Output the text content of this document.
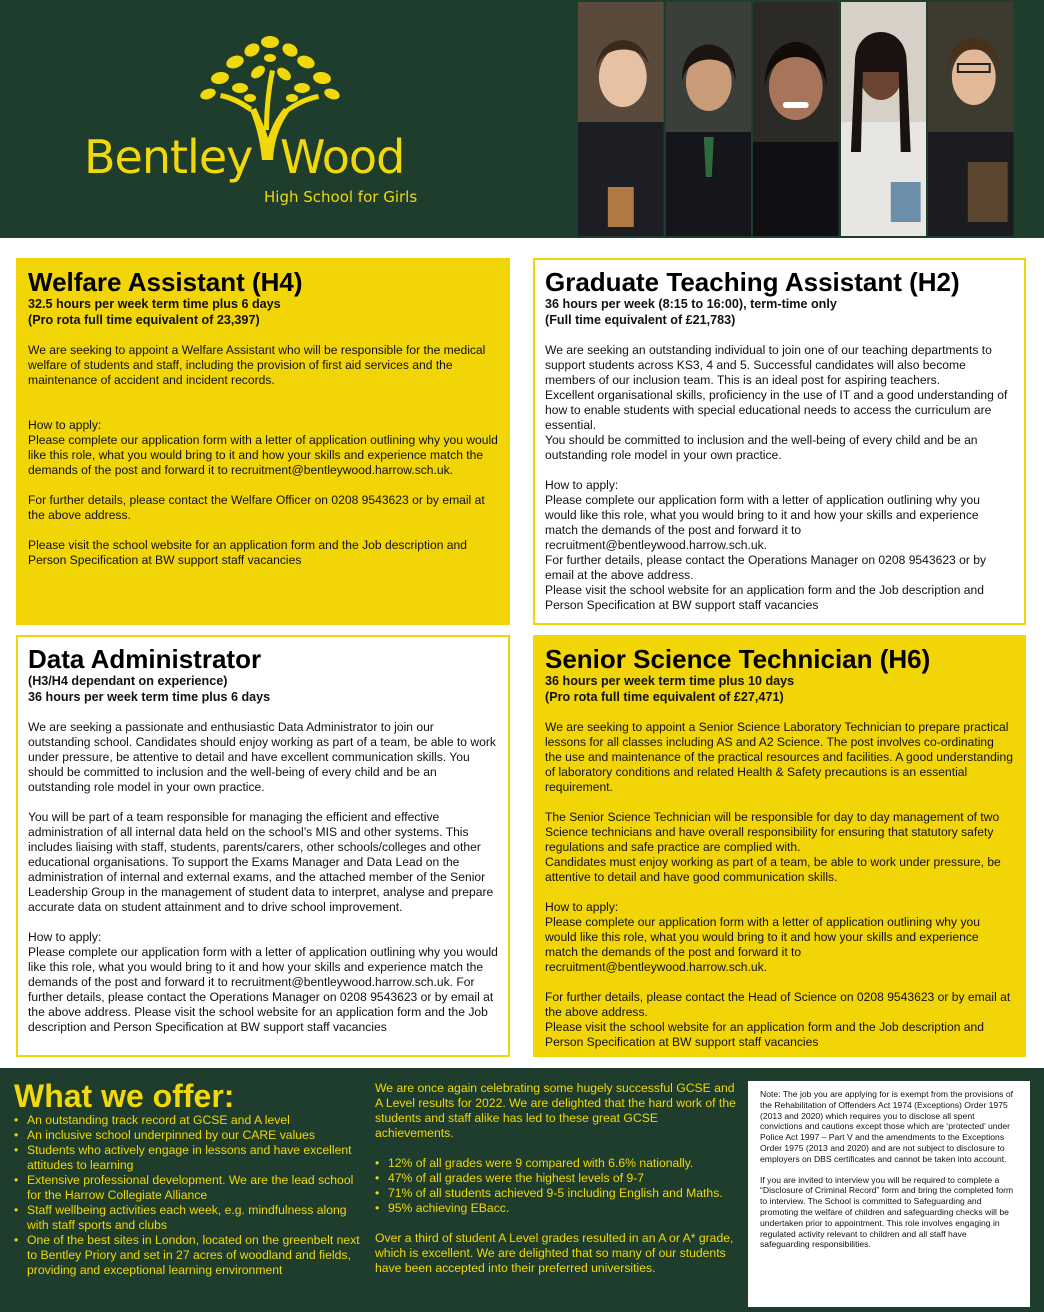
Bentley Wood
High School for Girls
Welfare Assistant (H4)
32.5 hours per week term time plus 6 days
(Pro rota full time equivalent of 23,397)

We are seeking to appoint a Welfare Assistant who will be responsible for the medical welfare of students and staff, including the provision of first aid services and the maintenance of accident and incident records.

How to apply:

Please complete our application form with a letter of application outlining why you would like this role, what you would bring to it and how your skills and experience match the demands of the post and forward it to recruitment@bentleywood.harrow.sch.uk.

For further details, please contact the Welfare Officer on 0208 9543623 or by email at the above address.

Please visit the school website for an application form and the Job description and Person Specification at BW support staff vacancies

Graduate Teaching Assistant (H2)
36 hours per week (8:15 to 16:00), term-time only
(Full time equivalent of £21,783)

We are seeking an outstanding individual to join one of our teaching departments to support students across KS3, 4 and 5. Successful candidates will also become members of our inclusion team. This is an ideal post for aspiring teachers.

Excellent organisational skills, proficiency in the use of IT and a good understanding of how to enable students with special educational needs to access the curriculum are essential.

You should be committed to inclusion and the well-being of every child and be an outstanding role model in your own practice.

How to apply:

Please complete our application form with a letter of application outlining why you would like this role, what you would bring to it and how your skills and experience match the demands of the post and forward it to recruitment@bentleywood.harrow.sch.uk.

For further details, please contact the Operations Manager on 0208 9543623 or by email at the above address.

Please visit the school website for an application form and the Job description and Person Specification at BW support staff vacancies

Data Administrator
(H3/H4 dependant on experience)
36 hours per week term time plus 6 days

We are seeking a passionate and enthusiastic Data Administrator to join our outstanding school. Candidates should enjoy working as part of a team, be able to work under pressure, be attentive to detail and have excellent communication skills. You should be committed to inclusion and the well-being of every child and be an outstanding role model in your own practice.

You will be part of a team responsible for managing the efficient and effective administration of all internal data held on the school’s MIS and other systems. This includes liaising with staff, students, parents/carers, other schools/colleges and other educational organisations. To support the Exams Manager and Data Lead on the administration of internal and external exams, and the attached member of the Senior Leadership Group in the management of student data to interpret, analyse and prepare accurate data on student attainment and to drive school improvement.

How to apply:

Please complete our application form with a letter of application outlining why you would like this role, what you would bring to it and how your skills and experience match the demands of the post and forward it to recruitment@bentleywood.harrow.sch.uk. For further details, please contact the Operations Manager on 0208 9543623 or by email at the above address. Please visit the school website for an application form and the Job description and Person Specification at BW support staff vacancies

Senior Science Technician (H6)
36 hours per week term time plus 10 days
(Pro rota full time equivalent of £27,471)

We are seeking to appoint a Senior Science Laboratory Technician to prepare practical lessons for all classes including AS and A2 Science. The post involves co-ordinating the use and maintenance of the practical resources and facilities. A good understanding of laboratory conditions and related Health & Safety precautions is an essential requirement.

The Senior Science Technician will be responsible for day to day management of two Science technicians and have overall responsibility for ensuring that statutory safety regulations and safe practice are complied with.

Candidates must enjoy working as part of a team, be able to work under pressure, be attentive to detail and have good communication skills.

How to apply:

Please complete our application form with a letter of application outlining why you would like this role, what you would bring to it and how your skills and experience match the demands of the post and forward it to recruitment@bentleywood.harrow.sch.uk.

For further details, please contact the Head of Science on 0208 9543623 or by email at the above address.

Please visit the school website for an application form and the Job description and Person Specification at BW support staff vacancies

What we offer:
• An outstanding track record at GCSE and A level
• An inclusive school underpinned by our CARE values
• Students who actively engage in lessons and have excellent attitudes to learning
• Extensive professional development. We are the lead school for the Harrow Collegiate Alliance
• Staff wellbeing activities each week, e.g. mindfulness along with staff sports and clubs
• One of the best sites in London, located on the greenbelt next to Bentley Priory and set in 27 acres of woodland and fields, providing and exceptional learning environment

We are once again celebrating some hugely successful GCSE and A Level results for 2022. We are delighted that the hard work of the students and staff alike has led to these great GCSE achievements.

• 12% of all grades were 9 compared with 6.6% nationally.
• 47% of all grades were the highest levels of 9-7
• 71% of all students achieved 9-5 including English and Maths.
• 95% achieving EBacc.

Over a third of student A Level grades resulted in an A or A* grade, which is excellent. We are delighted that so many of our students have been accepted into their preferred universities.

Note: The job you are applying for is exempt from the provisions of the Rehabilitation of Offenders Act 1974 (Exceptions) Order 1975 (2013 and 2020) which requires you to disclose all spent convictions and cautions except those which are ‘protected’ under Police Act 1997 – Part V and the amendments to the Exceptions Order 1975 (2013 and 2020) and are not subject to disclosure to employers on DBS certificates and cannot be taken into account.

If you are invited to interview you will be required to complete a “Disclosure of Criminal Record” form and bring the completed form to interview. The School is committed to Safeguarding and promoting the welfare of children and safeguarding checks will be undertaken prior to appointment. This role involves engaging in regulated activity relevant to children and all staff have safeguarding responsibilities.
